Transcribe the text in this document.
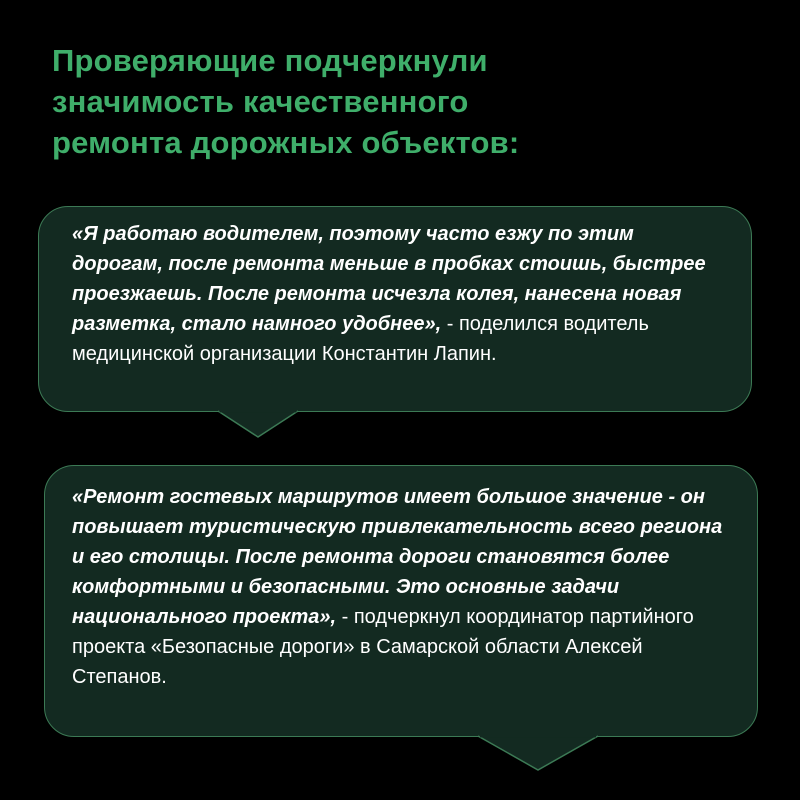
Проверяющие подчеркнули
значимость качественного
ремонта дорожных объектов:

«Я работаю водителем, поэтому часто езжу по этим дорогам, после ремонта меньше в пробках стоишь, быстрее проезжаешь. После ремонта исчезла колея, нанесена новая разметка, стало намного удобнее», - поделился водитель медицинской организации Константин Лапин.

«Ремонт гостевых маршрутов имеет большое значение - он повышает туристическую привлекательность всего региона и его столицы. После ремонта дороги становятся более комфортными и безопасными. Это основные задачи национального проекта», - подчеркнул координатор партийного проекта «Безопасные дороги» в Самарской области Алексей Степанов.
